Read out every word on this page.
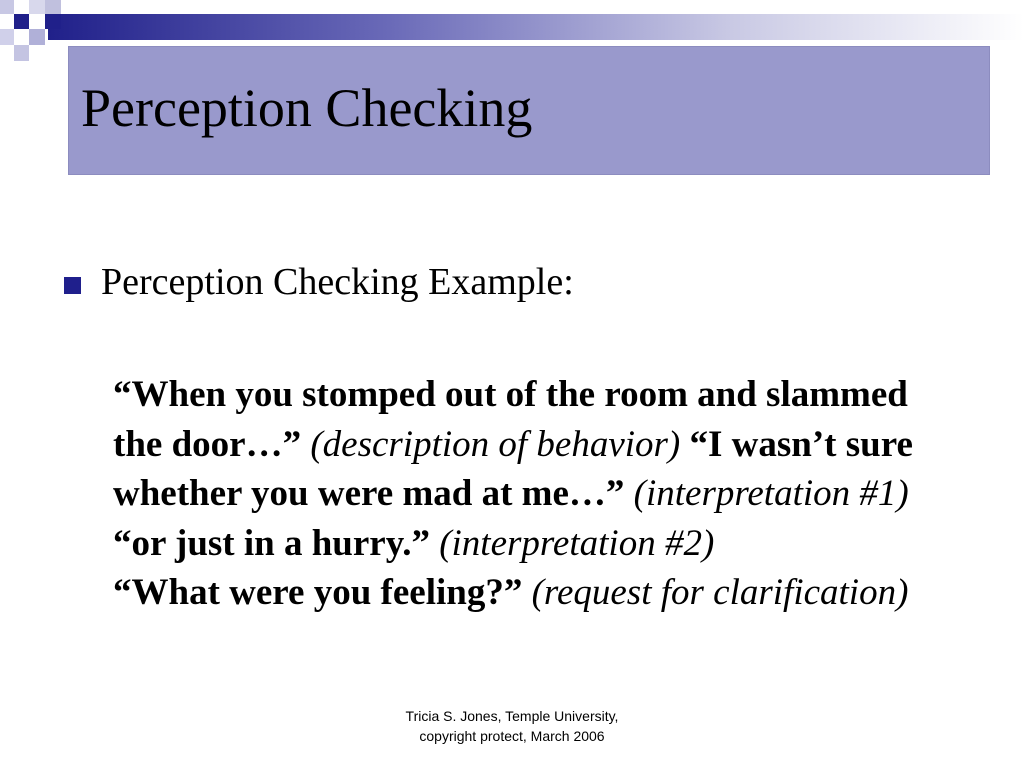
Perception Checking
Perception Checking Example:
“When you stomped out of the room and slammed the door…” (description of behavior) “I wasn’t sure whether you were mad at me…” (interpretation #1)
“or just in a hurry.” (interpretation #2)
“What were you feeling?” (request for clarification)
Tricia S. Jones, Temple University,
copyright protect, March 2006
